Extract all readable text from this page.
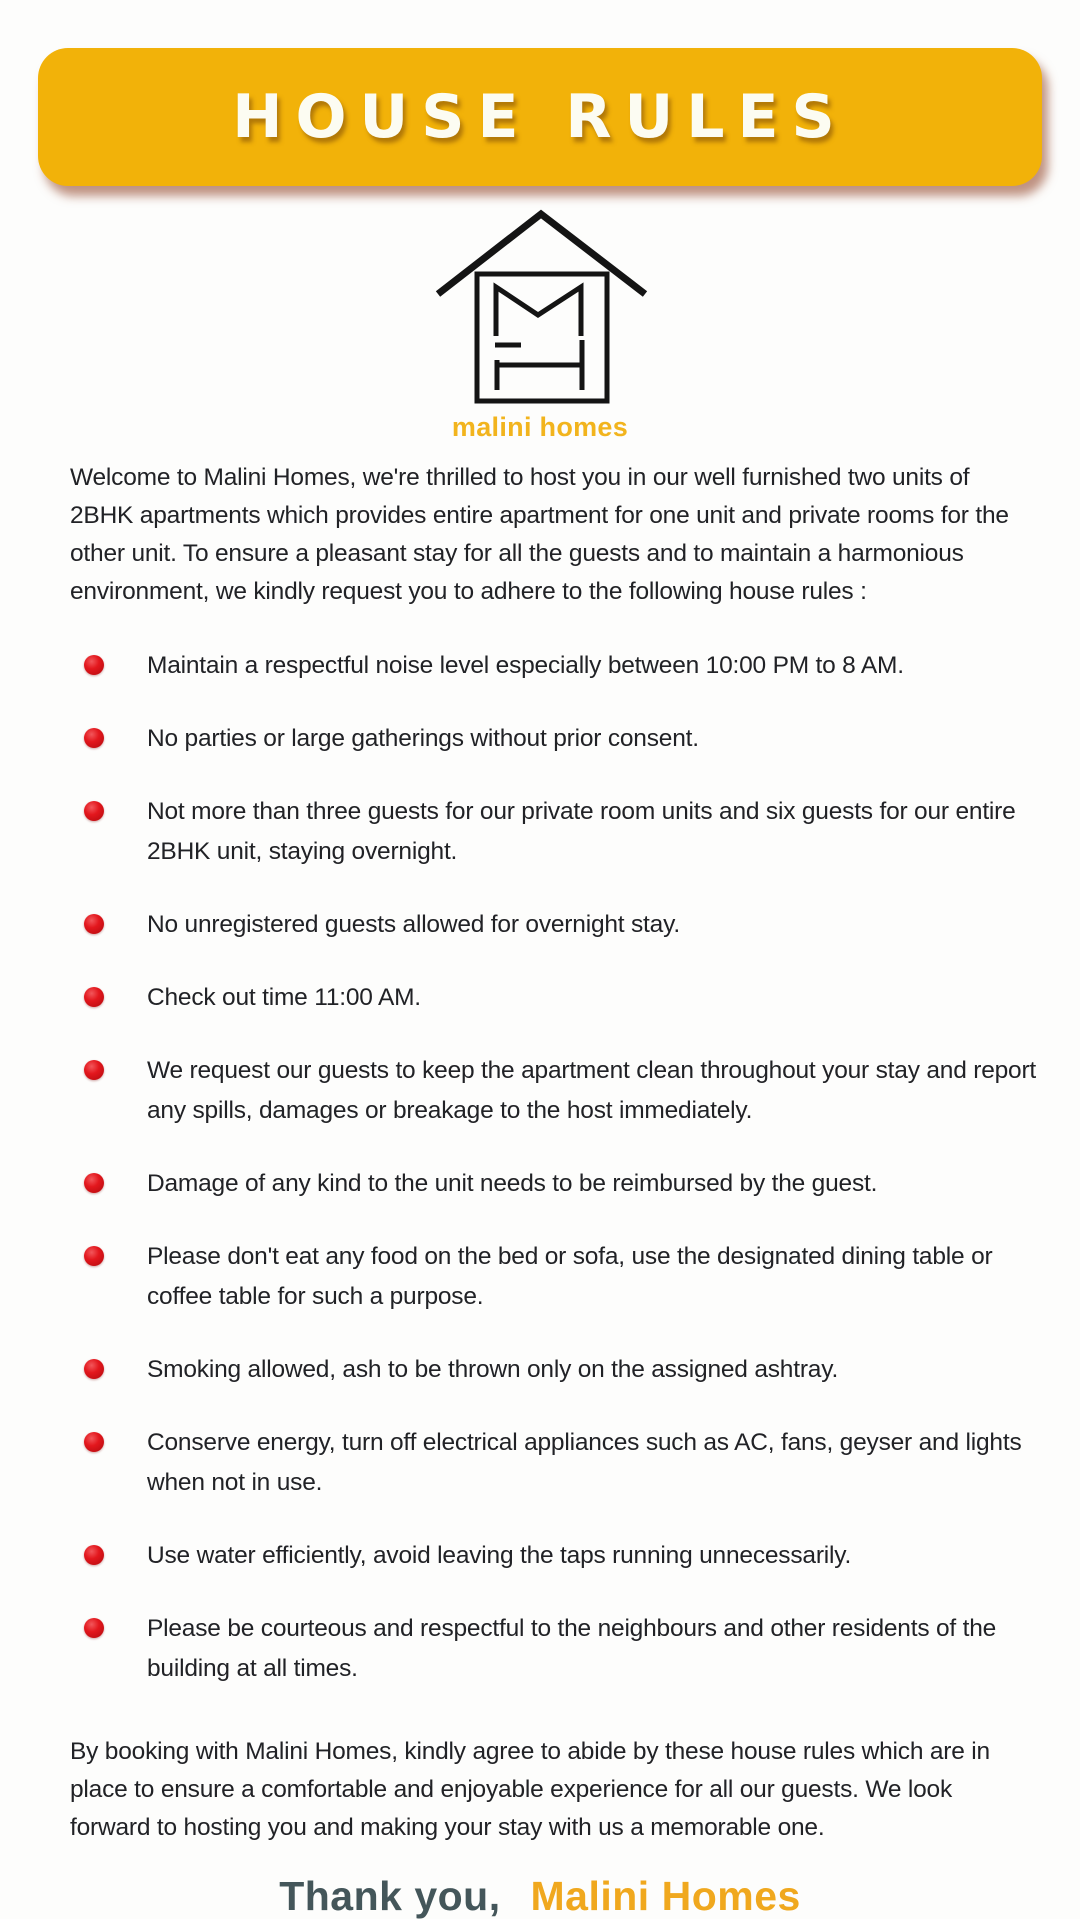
HOUSE RULES
malini homes

Welcome to Malini Homes, we're thrilled to host you in our well furnished two units of 2BHK apartments which provides entire apartment for one unit and private rooms for the other unit. To ensure a pleasant stay for all the guests and to maintain a harmonious environment, we kindly request you to adhere to the following house rules :

Maintain a respectful noise level especially between 10:00 PM to 8 AM.
No parties or large gatherings without prior consent.
Not more than three guests for our private room units and six guests for our entire 2BHK unit, staying overnight.
No unregistered guests allowed for overnight stay.
Check out time 11:00 AM.
We request our guests to keep the apartment clean throughout your stay and report any spills, damages or breakage to the host immediately.
Damage of any kind to the unit needs to be reimbursed by the guest.
Please don't eat any food on the bed or sofa, use the designated dining table or coffee table for such a purpose.
Smoking allowed, ash to be thrown only on the assigned ashtray.
Conserve energy, turn off electrical appliances such as AC, fans, geyser and lights when not in use.
Use water efficiently, avoid leaving the taps running unnecessarily.
Please be courteous and respectful to the neighbours and other residents of the building at all times.

By booking with Malini Homes, kindly agree to abide by these house rules which are in place to ensure a comfortable and enjoyable experience for all our guests. We look forward to hosting you and making your stay with us a memorable one.

Thank you, Malini Homes
